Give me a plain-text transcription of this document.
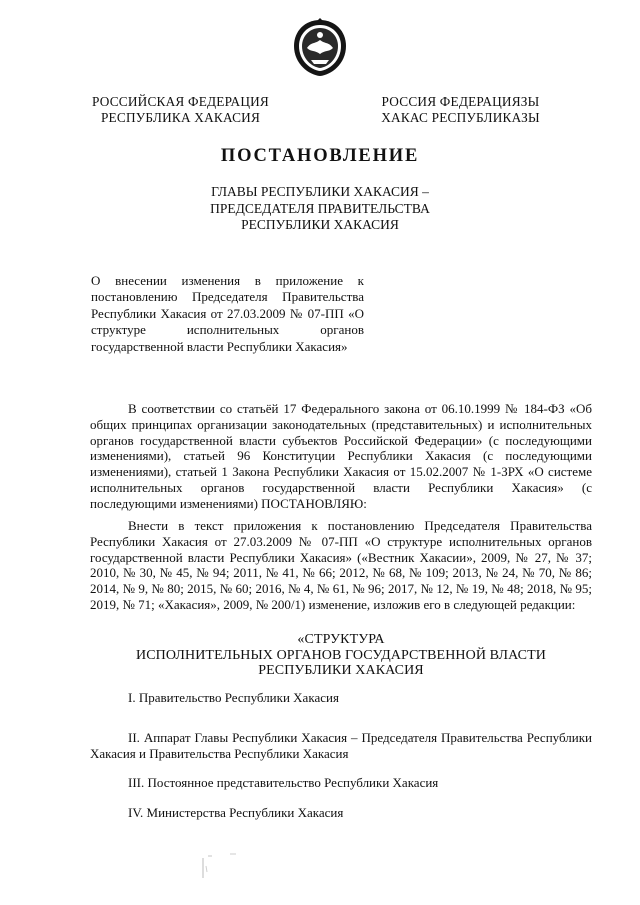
РОССИЙСКАЯ ФЕДЕРАЦИЯ
РЕСПУБЛИКА ХАКАСИЯ
РОССИЯ ФЕДЕРАЦИЯЗЫ
ХАКАС РЕСПУБЛИКАЗЫ
ПОСТАНОВЛЕНИЕ
ГЛАВЫ РЕСПУБЛИКИ ХАКАСИЯ –
ПРЕДСЕДАТЕЛЯ ПРАВИТЕЛЬСТВА
РЕСПУБЛИКИ ХАКАСИЯ
О внесении изменения в приложение к постановлению Председателя Правительства Республики Хакасия от 27.03.2009 № 07-ПП «О структуре исполнительных органов государственной власти Республики Хакасия»
В соответствии со статьёй 17 Федерального закона от 06.10.1999 № 184-ФЗ «Об общих принципах организации законодательных (представительных) и исполнительных органов государственной власти субъектов Российской Федерации» (с последующими изменениями), статьей 96 Конституции Республики Хакасия (с последующими изменениями), статьей 1 Закона Республики Хакасия от 15.02.2007 № 1-ЗРХ «О системе исполнительных органов государственной власти Республики Хакасия» (с последующими изменениями) ПОСТАНОВЛЯЮ:
Внести в текст приложения к постановлению Председателя Правительства Республики Хакасия от 27.03.2009 № 07-ПП «О структуре исполнительных органов государственной власти Республики Хакасия» («Вестник Хакасии», 2009, № 27, № 37; 2010, № 30, № 45, № 94; 2011, № 41, № 66; 2012, № 68, № 109; 2013, № 24, № 70, № 86; 2014, № 9, № 80; 2015, № 60; 2016, № 4, № 61, № 96; 2017, № 12, № 19, № 48; 2018, № 95; 2019, № 71; «Хакасия», 2009, № 200/1) изменение, изложив его в следующей редакции:
«СТРУКТУРА
ИСПОЛНИТЕЛЬНЫХ ОРГАНОВ ГОСУДАРСТВЕННОЙ ВЛАСТИ
РЕСПУБЛИКИ ХАКАСИЯ
I. Правительство Республики Хакасия
II. Аппарат Главы Республики Хакасия – Председателя Правительства Республики Хакасия и Правительства Республики Хакасия
III. Постоянное представительство Республики Хакасия
IV. Министерства Республики Хакасия
